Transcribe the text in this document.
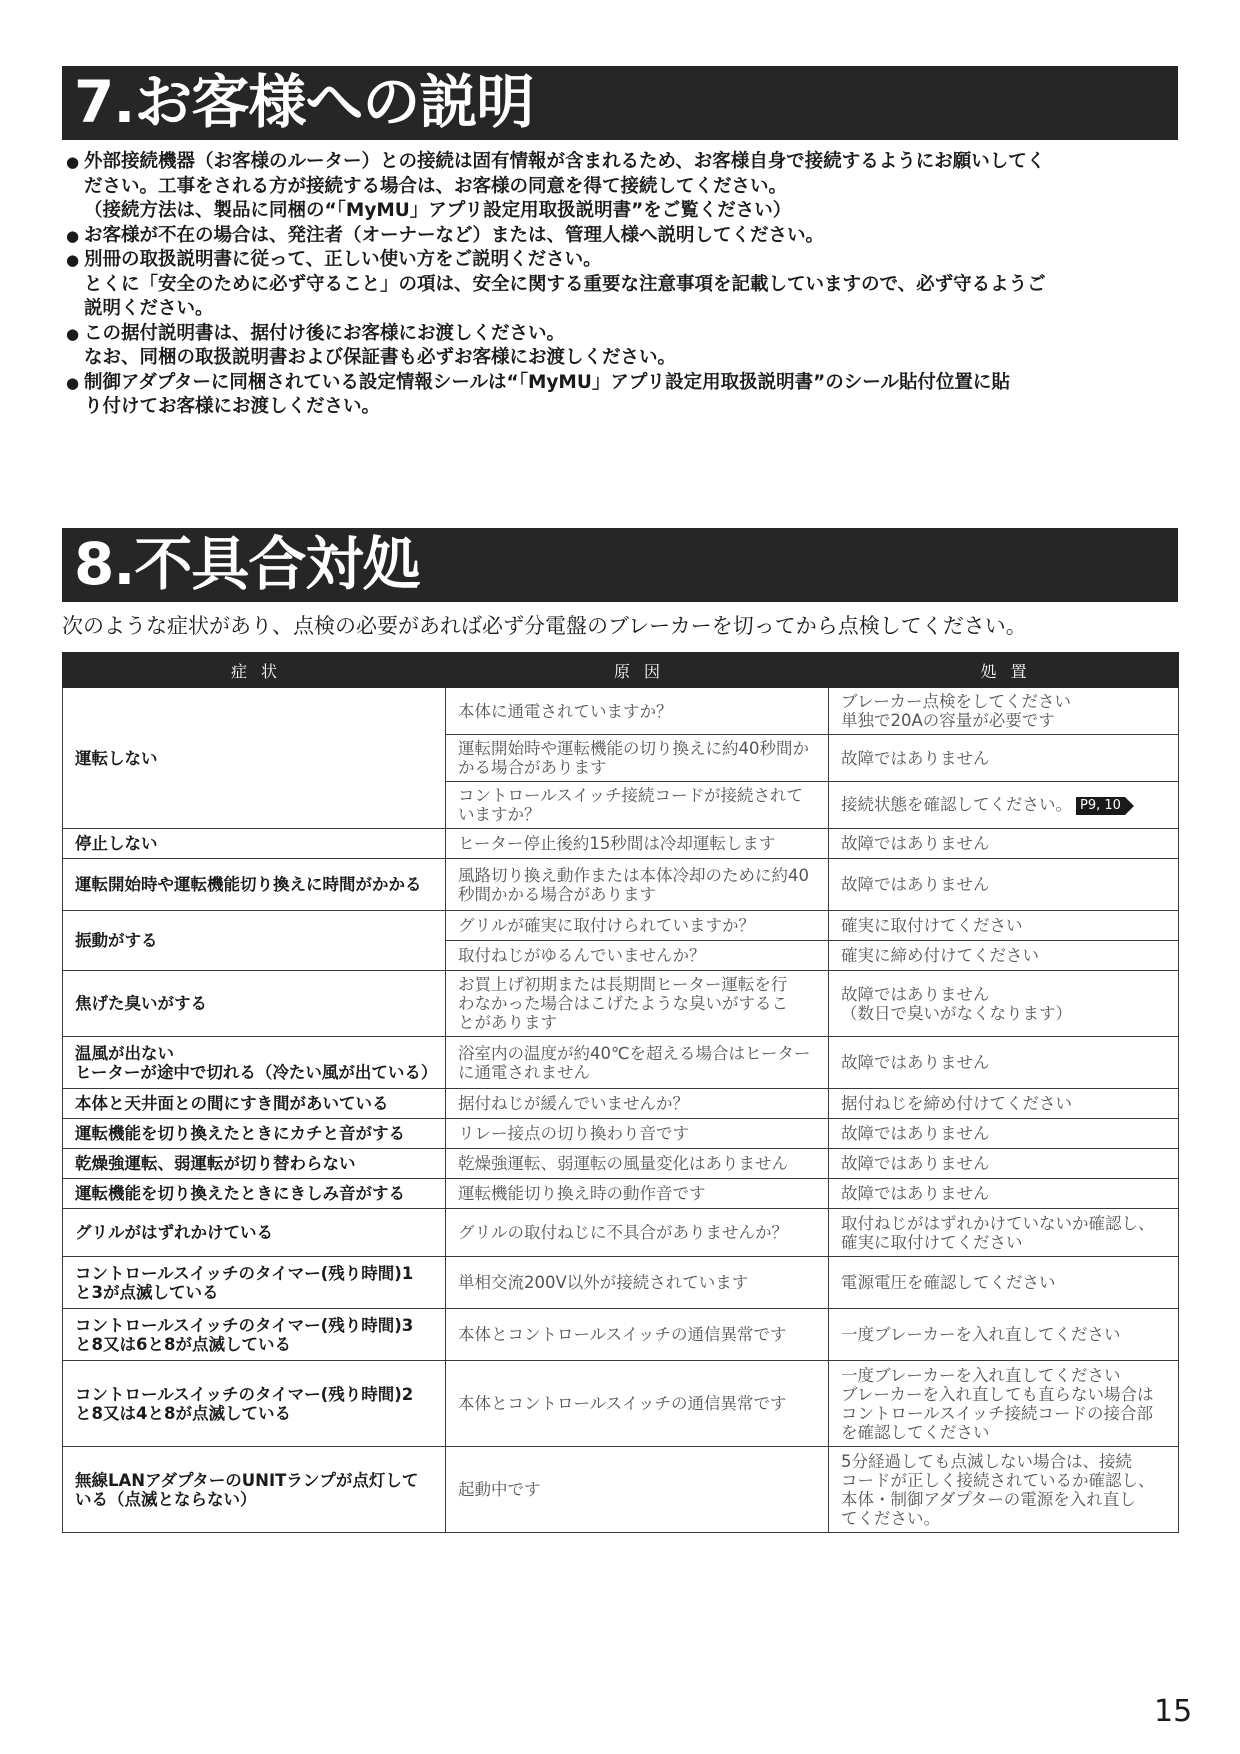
7.お客様への説明
● 外部接続機器（お客様のルーター）との接続は固有情報が含まれるため、お客様自身で接続するようにお願いしてく
ださい。工事をされる方が接続する場合は、お客様の同意を得て接続してください。
（接続方法は、製品に同梱の“「MyMU」アプリ設定用取扱説明書”をご覧ください）
● お客様が不在の場合は、発注者（オーナーなど）または、管理人様へ説明してください。
● 別冊の取扱説明書に従って、正しい使い方をご説明ください。
とくに「安全のために必ず守ること」の項は、安全に関する重要な注意事項を記載していますので、必ず守るようご
説明ください。
● この据付説明書は、据付け後にお客様にお渡しください。
なお、同梱の取扱説明書および保証書も必ずお客様にお渡しください。
● 制御アダプターに同梱されている設定情報シールは“「MyMU」アプリ設定用取扱説明書”のシール貼付位置に貼
り付けてお客様にお渡しください。
8.不具合対処
次のような症状があり、点検の必要があれば必ず分電盤のブレーカーを切ってから点検してください。
症状	原因	処置

運転しない	本体に通電されていますか？	ブレーカー点検をしてください
単独で20Aの容量が必要です

	運転開始時や運転機能の切り換えに約40秒間か
かる場合があります	故障ではありません

	コントロールスイッチ接続コードが接続されて
いますか？	接続状態を確認してください。 P9, 10

停止しない	ヒーター停止後約15秒間は冷却運転します	故障ではありません

運転開始時や運転機能切り換えに時間がかかる	風路切り換え動作または本体冷却のために約40
秒間かかる場合があります	故障ではありません

振動がする	グリルが確実に取付けられていますか？	確実に取付けてください

	取付ねじがゆるんでいませんか？	確実に締め付けてください

焦げた臭いがする	お買上げ初期または長期間ヒーター運転を行
わなかった場合はこげたような臭いがするこ
とがあります	故障ではありません
（数日で臭いがなくなります）

温風が出ない
ヒーターが途中で切れる（冷たい風が出ている）	浴室内の温度が約40℃を超える場合はヒーター
に通電されません	故障ではありません

本体と天井面との間にすき間があいている	据付ねじが緩んでいませんか？	据付ねじを締め付けてください

運転機能を切り換えたときにカチと音がする	リレー接点の切り換わり音です	故障ではありません

乾燥強運転、弱運転が切り替わらない	乾燥強運転、弱運転の風量変化はありません	故障ではありません

運転機能を切り換えたときにきしみ音がする	運転機能切り換え時の動作音です	故障ではありません

グリルがはずれかけている	グリルの取付ねじに不具合がありませんか？	取付ねじがはずれかけていないか確認し、
確実に取付けてください

コントロールスイッチのタイマー(残り時間)1
と3が点滅している	単相交流200V以外が接続されています	電源電圧を確認してください

コントロールスイッチのタイマー(残り時間)3
と8又は6と8が点滅している	本体とコントロールスイッチの通信異常です	一度ブレーカーを入れ直してください

コントロールスイッチのタイマー(残り時間)2
と8又は4と8が点滅している	本体とコントロールスイッチの通信異常です	一度ブレーカーを入れ直してください
ブレーカーを入れ直しても直らない場合は
コントロールスイッチ接続コードの接合部
を確認してください

無線LANアダプターのUNITランプが点灯して
いる（点滅とならない）	起動中です	5分経過しても点滅しない場合は、接続
コードが正しく接続されているか確認し、
本体・制御アダプターの電源を入れ直し
てください。
15
